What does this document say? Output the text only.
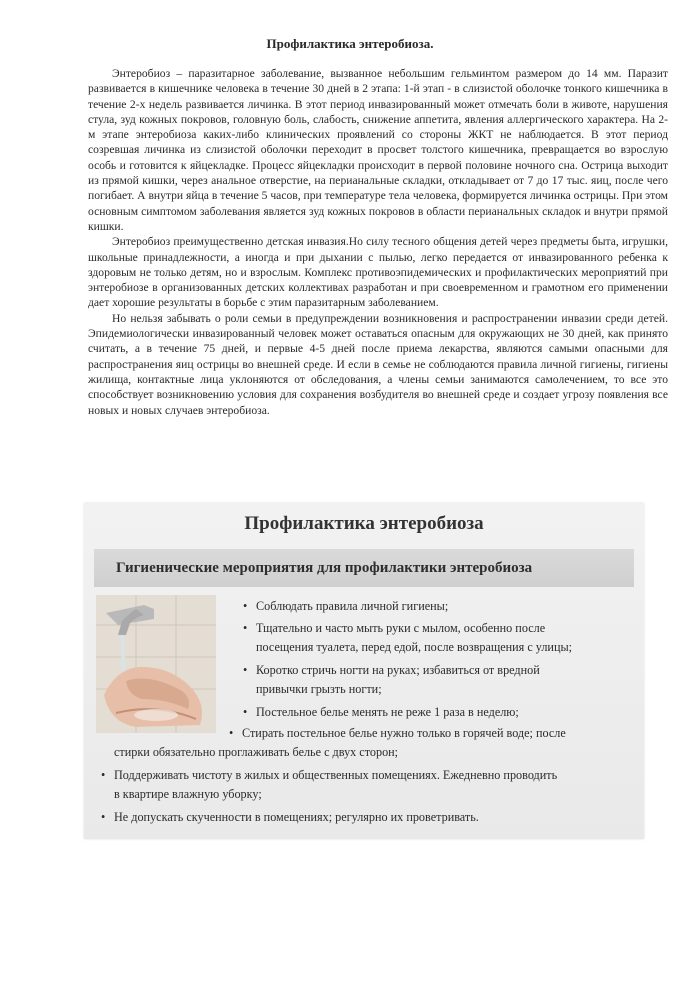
Профилактика энтеробиоза.

Энтеробиоз – паразитарное заболевание, вызванное небольшим гельминтом размером до 14 мм. Паразит развивается в кишечнике человека в течение 30 дней в 2 этапа: 1-й этап - в слизистой оболочке тонкого кишечника в течение 2-х недель развивается личинка. В этот период инвазированный может отмечать боли в животе, нарушения стула, зуд кожных покровов, головную боль, слабость, снижение аппетита, явления аллергического характера. На 2-м этапе энтеробиоза каких-либо клинических проявлений со стороны ЖКТ не наблюдается. В этот период созревшая личинка из слизистой оболочки переходит в просвет толстого кишечника, превращается во взрослую особь и готовится к яйцекладке. Процесс яйцекладки происходит в первой половине ночного сна. Острица выходит из прямой кишки, через анальное отверстие, на перианальные складки, откладывает от 7 до 17 тыс. яиц, после чего погибает. А внутри яйца в течение 5 часов, при температуре тела человека, формируется личинка острицы. При этом основным симптомом заболевания является зуд кожных покровов в области перианальных складок и внутри прямой кишки.

Энтеробиоз преимущественно детская инвазия.Но силу тесного общения детей через предметы быта, игрушки, школьные принадлежности, а иногда и при дыхании с пылью, легко передается от инвазированного ребенка к здоровым не только детям, но и взрослым. Комплекс противоэпидемических и профилактических мероприятий при энтеробиозе в организованных детских коллективах разработан и при своевременном и грамотном его применении дает хорошие результаты в борьбе с этим паразитарным заболеванием.

Но нельзя забывать о роли семьи в предупреждении возникновения и распространении инвазии среди детей. Эпидемиологически инвазированный человек может оставаться опасным для окружающих не 30 дней, как принято считать, а в течение 75 дней, и первые 4-5 дней после приема лекарства, являются самыми опасными для распространения яиц острицы во внешней среде. И если в семье не соблюдаются правила личной гигиены, гигиены жилища, контактные лица уклоняются от обследования, а члены семьи занимаются самолечением, то все это способствует возникновению условия для сохранения возбудителя во внешней среде и создает угрозу появления все новых и новых случаев энтеробиоза.

Профилактика энтеробиоза
Гигиенические мероприятия для профилактики энтеробиоза
• Соблюдать правила личной гигиены;
• Тщательно и часто мыть руки с мылом, особенно после
посещения туалета, перед едой, после возвращения с улицы;
• Коротко стричь ногти на руках; избавиться от вредной
привычки грызть ногти;
• Постельное белье менять не реже 1 раза в неделю;
• Стирать постельное белье нужно только в горячей воде; после
стирки обязательно проглаживать белье с двух сторон;
• Поддерживать чистоту в жилых и общественных помещениях. Ежедневно проводить
в квартире влажную уборку;
• Не допускать скученности в помещениях; регулярно их проветривать.
